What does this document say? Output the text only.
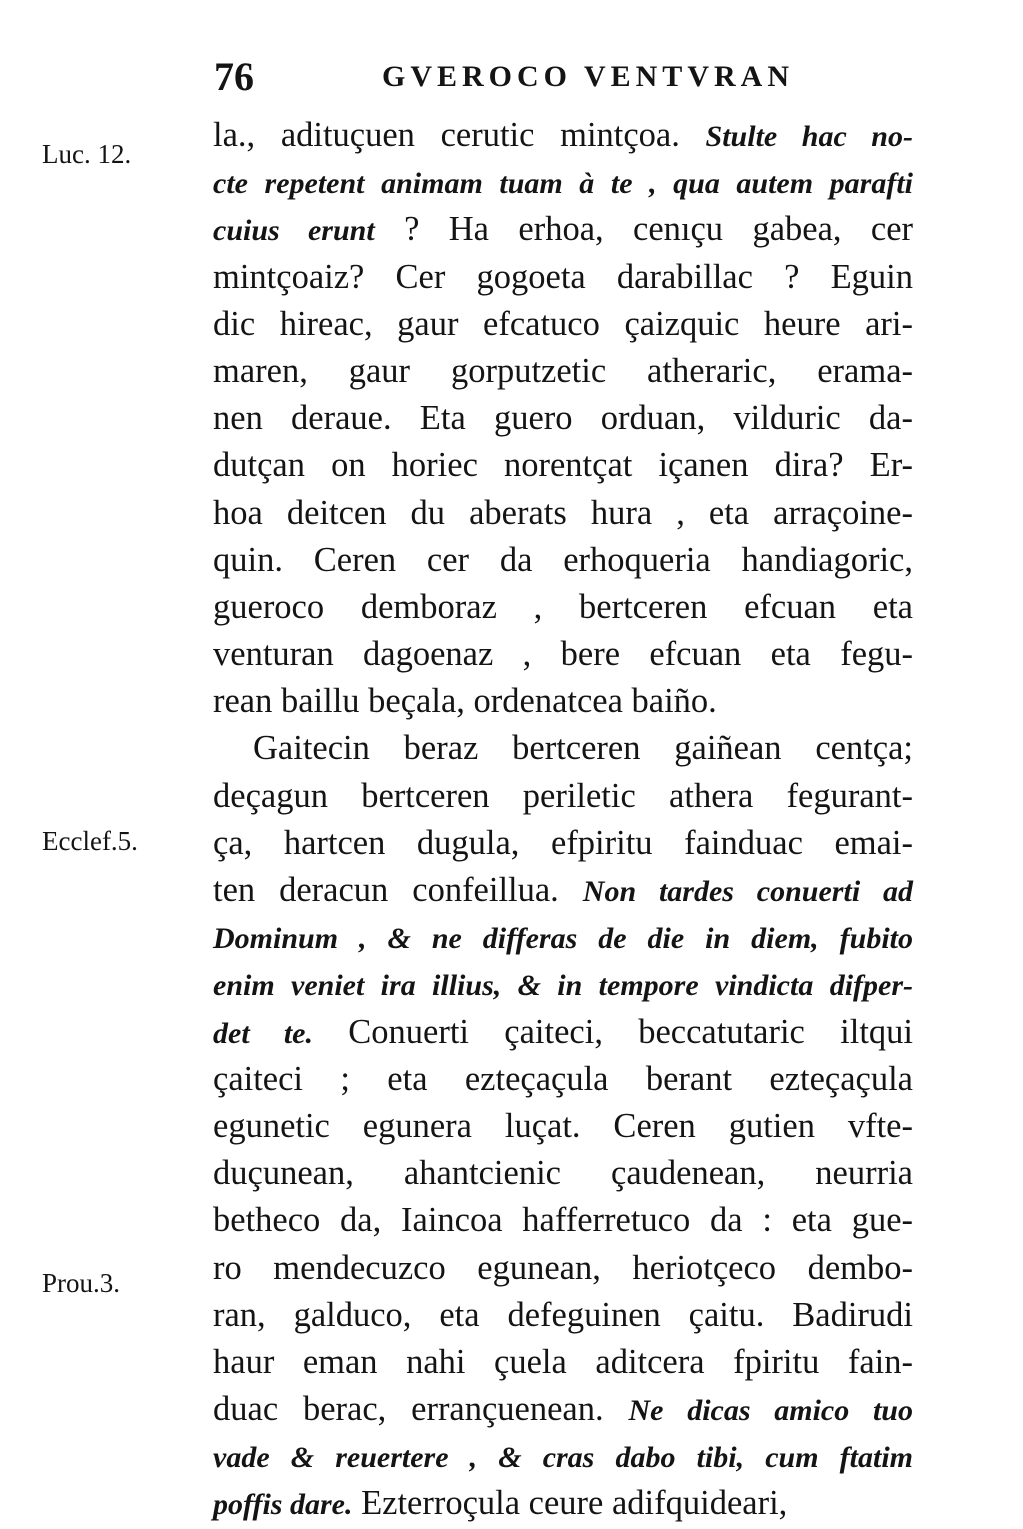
76	GVEROCO VENTVRAN
Luc. 12.
Ecclef.5.
Prou.3.
la., adituçuen cerutic mintçoa. Stulte hac no-
cte repetent animam tuam à te , qua autem parafti
cuius erunt ? Ha erhoa, cenıçu gabea, cer
mintçoaiz? Cer gogoeta darabillac ? Eguin
dic hireac, gaur efcatuco çaizquic heure ari-
maren, gaur gorputzetic atheraric, erama-
nen deraue. Eta guero orduan, vilduric da-
dutçan on horiec norentçat içanen dira? Er-
hoa deitcen du aberats hura , eta arraçoine-
quin. Ceren cer da erhoqueria handiagoric,
gueroco demboraz , bertceren efcuan eta
venturan dagoenaz , bere efcuan eta fegu-
rean baillu beçala, ordenatcea baiño.
Gaitecin beraz bertceren gaiñean centça;
deçagun bertceren periletic athera fegurant-
ça, hartcen dugula, efpiritu fainduac emai-
ten deracun confeillua. Non tardes conuerti ad
Dominum , & ne differas de die in diem, fubito
enim veniet ira illius, & in tempore vindicta difper-
det te. Conuerti çaiteci, beccatutaric iltqui
çaiteci ; eta ezteçaçula berant ezteçaçula
egunetic egunera luçat. Ceren gutien vfte-
duçunean, ahantcienic çaudenean, neurria
betheco da, Iaincoa hafferretuco da : eta gue-
ro mendecuzco egunean, heriotçeco dembo-
ran, galduco, eta defeguinen çaitu. Badirudi
haur eman nahi çuela aditcera fpiritu fain-
duac berac, errançuenean. Ne dicas amico tuo
vade & reuertere , & cras dabo tibi, cum ftatim
poffis dare. Ezterroçula ceure adifquideari,
